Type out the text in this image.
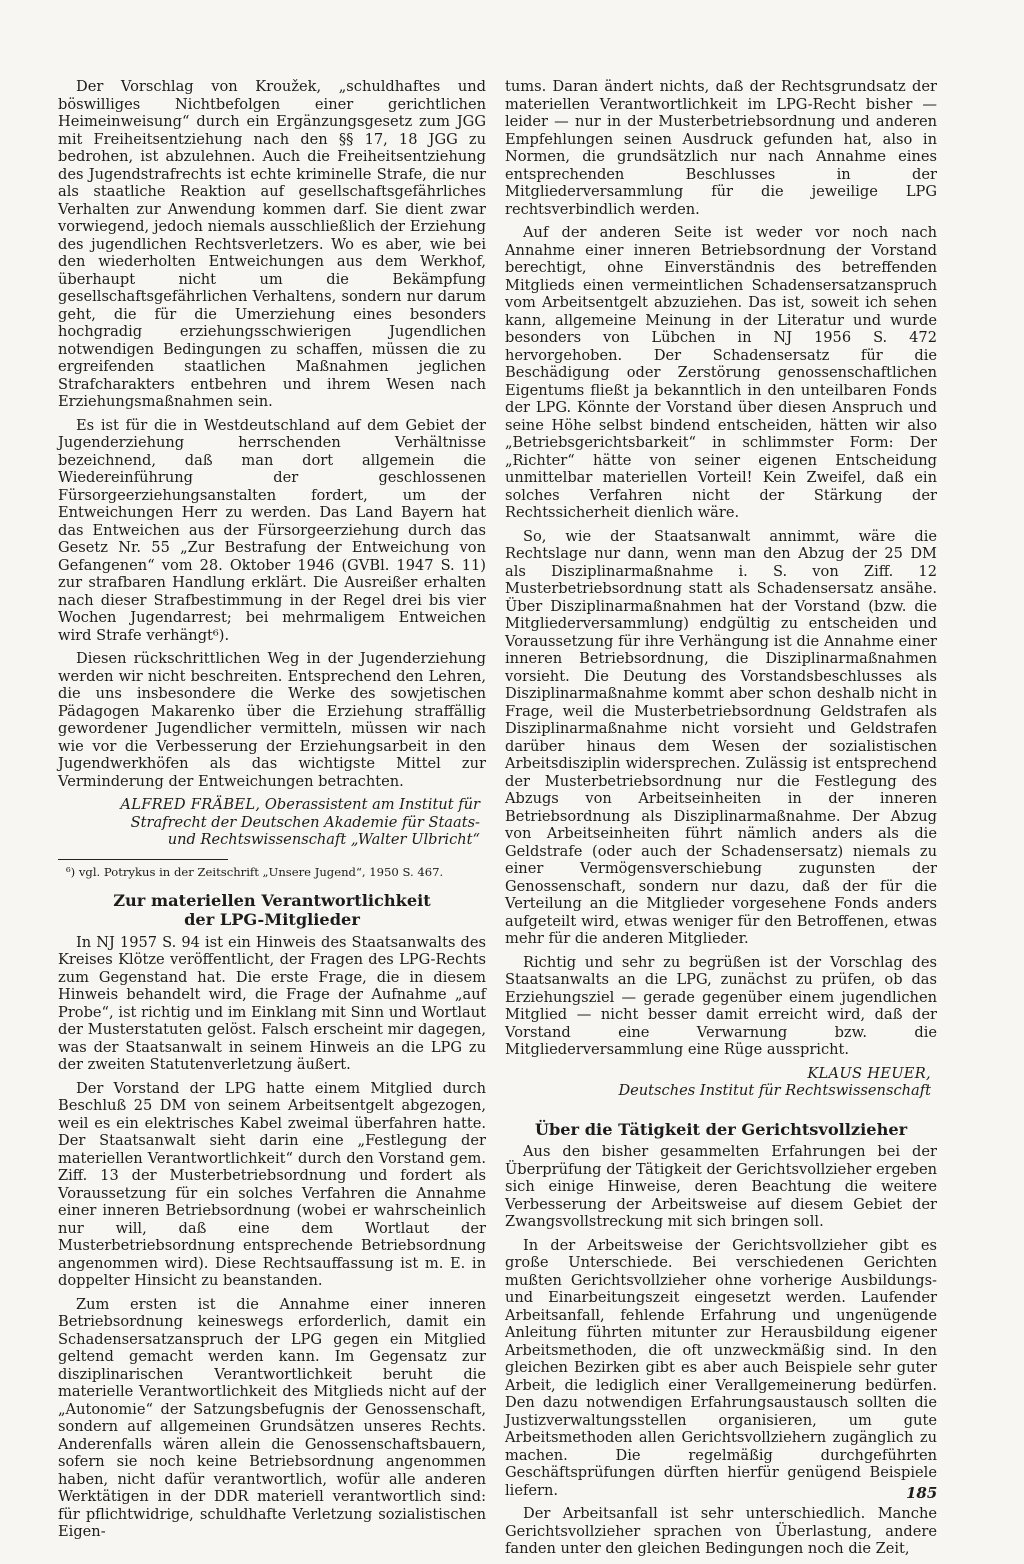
Der Vorschlag von Kroužek, „schuldhaftes und böswilliges Nichtbefolgen einer gerichtlichen Heimeinweisung“ durch ein Ergänzungsgesetz zum JGG mit Freiheitsentziehung nach den §§ 17, 18 JGG zu bedrohen, ist abzulehnen. Auch die Freiheitsentziehung des Jugendstrafrechts ist echte kriminelle Strafe, die nur als staatliche Reaktion auf gesellschaftsgefährliches Verhalten zur Anwendung kommen darf. Sie dient zwar vorwiegend, jedoch niemals ausschließlich der Erziehung des jugendlichen Rechtsverletzers. Wo es aber, wie bei den wiederholten Entweichungen aus dem Werkhof, überhaupt nicht um die Bekämpfung gesellschaftsgefährlichen Verhaltens, sondern nur darum geht, die für die Umerziehung eines besonders hochgradig erziehungsschwierigen Jugendlichen notwendigen Bedingungen zu schaffen, müssen die zu ergreifenden staatlichen Maßnahmen jeglichen Strafcharakters entbehren und ihrem Wesen nach Erziehungsmaßnahmen sein.

Es ist für die in Westdeutschland auf dem Gebiet der Jugenderziehung herrschenden Verhältnisse bezeichnend, daß man dort allgemein die Wiedereinführung der geschlossenen Fürsorgeerziehungsanstalten fordert, um der Entweichungen Herr zu werden. Das Land Bayern hat das Entweichen aus der Fürsorgeerziehung durch das Gesetz Nr. 55 „Zur Bestrafung der Entweichung von Gefangenen“ vom 28. Oktober 1946 (GVBl. 1947 S. 11) zur strafbaren Handlung erklärt. Die Ausreißer erhalten nach dieser Strafbestimmung in der Regel drei bis vier Wochen Jugendarrest; bei mehrmaligem Entweichen wird Strafe verhängt⁶).

Diesen rückschrittlichen Weg in der Jugenderziehung werden wir nicht beschreiten. Entsprechend den Lehren, die uns insbesondere die Werke des sowjetischen Pädagogen Makarenko über die Erziehung straffällig gewordener Jugendlicher vermitteln, müssen wir nach wie vor die Verbesserung der Erziehungsarbeit in den Jugendwerkhöfen als das wichtigste Mittel zur Verminderung der Entweichungen betrachten.

ALFRED FRÄBEL, Oberassistent am Institut für
Strafrecht der Deutschen Akademie für Staats-
und Rechtswissenschaft „Walter Ulbricht“

⁶) vgl. Potrykus in der Zeitschrift „Unsere Jugend“, 1950 S. 467.

Zur materiellen Verantwortlichkeit
der LPG-Mitglieder

In NJ 1957 S. 94 ist ein Hinweis des Staatsanwalts des Kreises Klötze veröffentlicht, der Fragen des LPG-Rechts zum Gegenstand hat. Die erste Frage, die in diesem Hinweis behandelt wird, die Frage der Aufnahme „auf Probe“, ist richtig und im Einklang mit Sinn und Wortlaut der Musterstatuten gelöst. Falsch erscheint mir dagegen, was der Staatsanwalt in seinem Hinweis an die LPG zu der zweiten Statutenverletzung äußert.

Der Vorstand der LPG hatte einem Mitglied durch Beschluß 25 DM von seinem Arbeitsentgelt abgezogen, weil es ein elektrisches Kabel zweimal überfahren hatte. Der Staatsanwalt sieht darin eine „Festlegung der materiellen Verantwortlichkeit“ durch den Vorstand gem. Ziff. 13 der Musterbetriebsordnung und fordert als Voraussetzung für ein solches Verfahren die Annahme einer inneren Betriebsordnung (wobei er wahrscheinlich nur will, daß eine dem Wortlaut der Musterbetriebsordnung entsprechende Betriebsordnung angenommen wird). Diese Rechtsauffassung ist m. E. in doppelter Hinsicht zu beanstanden.

Zum ersten ist die Annahme einer inneren Betriebsordnung keineswegs erforderlich, damit ein Schadensersatzanspruch der LPG gegen ein Mitglied geltend gemacht werden kann. Im Gegensatz zur disziplinarischen Verantwortlichkeit beruht die materielle Verantwortlichkeit des Mitglieds nicht auf der „Autonomie“ der Satzungsbefugnis der Genossenschaft, sondern auf allgemeinen Grundsätzen unseres Rechts. Anderenfalls wären allein die Genossenschaftsbauern, sofern sie noch keine Betriebsordnung angenommen haben, nicht dafür verantwortlich, wofür alle anderen Werktätigen in der DDR materiell verantwortlich sind: für pflichtwidrige, schuldhafte Verletzung sozialistischen Eigen-

tums. Daran ändert nichts, daß der Rechtsgrundsatz der materiellen Verantwortlichkeit im LPG-Recht bisher — leider — nur in der Musterbetriebsordnung und anderen Empfehlungen seinen Ausdruck gefunden hat, also in Normen, die grundsätzlich nur nach Annahme eines entsprechenden Beschlusses in der Mitgliederversammlung für die jeweilige LPG rechtsverbindlich werden.

Auf der anderen Seite ist weder vor noch nach Annahme einer inneren Betriebsordnung der Vorstand berechtigt, ohne Einverständnis des betreffenden Mitglieds einen vermeintlichen Schadensersatzanspruch vom Arbeitsentgelt abzuziehen. Das ist, soweit ich sehen kann, allgemeine Meinung in der Literatur und wurde besonders von Lübchen in NJ 1956 S. 472 hervorgehoben. Der Schadensersatz für die Beschädigung oder Zerstörung genossenschaftlichen Eigentums fließt ja bekanntlich in den unteilbaren Fonds der LPG. Könnte der Vorstand über diesen Anspruch und seine Höhe selbst bindend entscheiden, hätten wir also „Betriebsgerichtsbarkeit“ in schlimmster Form: Der „Richter“ hätte von seiner eigenen Entscheidung unmittelbar materiellen Vorteil! Kein Zweifel, daß ein solches Verfahren nicht der Stärkung der Rechtssicherheit dienlich wäre.

So, wie der Staatsanwalt annimmt, wäre die Rechtslage nur dann, wenn man den Abzug der 25 DM als Disziplinarmaßnahme i. S. von Ziff. 12 Musterbetriebsordnung statt als Schadensersatz ansähe. Über Disziplinarmaßnahmen hat der Vorstand (bzw. die Mitgliederversammlung) endgültig zu entscheiden und Voraussetzung für ihre Verhängung ist die Annahme einer inneren Betriebsordnung, die Disziplinarmaßnahmen vorsieht. Die Deutung des Vorstandsbeschlusses als Disziplinarmaßnahme kommt aber schon deshalb nicht in Frage, weil die Musterbetriebsordnung Geldstrafen als Disziplinarmaßnahme nicht vorsieht und Geldstrafen darüber hinaus dem Wesen der sozialistischen Arbeitsdisziplin widersprechen. Zulässig ist entsprechend der Musterbetriebsordnung nur die Festlegung des Abzugs von Arbeitseinheiten in der inneren Betriebsordnung als Disziplinarmaßnahme. Der Abzug von Arbeitseinheiten führt nämlich anders als die Geldstrafe (oder auch der Schadensersatz) niemals zu einer Vermögensverschiebung zugunsten der Genossenschaft, sondern nur dazu, daß der für die Verteilung an die Mitglieder vorgesehene Fonds anders aufgeteilt wird, etwas weniger für den Betroffenen, etwas mehr für die anderen Mitglieder.

Richtig und sehr zu begrüßen ist der Vorschlag des Staatsanwalts an die LPG, zunächst zu prüfen, ob das Erziehungsziel — gerade gegenüber einem jugendlichen Mitglied — nicht besser damit erreicht wird, daß der Vorstand eine Verwarnung bzw. die Mitgliederversammlung eine Rüge ausspricht.

KLAUS HEUER,
Deutsches Institut für Rechtswissenschaft
Über die Tätigkeit der Gerichtsvollzieher

Aus den bisher gesammelten Erfahrungen bei der Überprüfung der Tätigkeit der Gerichtsvollzieher ergeben sich einige Hinweise, deren Beachtung die weitere Verbesserung der Arbeitsweise auf diesem Gebiet der Zwangsvollstreckung mit sich bringen soll.

In der Arbeitsweise der Gerichtsvollzieher gibt es große Unterschiede. Bei verschiedenen Gerichten mußten Gerichtsvollzieher ohne vorherige Ausbildungs- und Einarbeitungszeit eingesetzt werden. Laufender Arbeitsanfall, fehlende Erfahrung und ungenügende Anleitung führten mitunter zur Herausbildung eigener Arbeitsmethoden, die oft unzweckmäßig sind. In den gleichen Bezirken gibt es aber auch Beispiele sehr guter Arbeit, die lediglich einer Verallgemeinerung bedürfen. Den dazu notwendigen Erfahrungsaustausch sollten die Justizverwaltungsstellen organisieren, um gute Arbeitsmethoden allen Gerichtsvollziehern zugänglich zu machen. Die regelmäßig durchgeführten Geschäftsprüfungen dürften hierfür genügend Beispiele liefern.

Der Arbeitsanfall ist sehr unterschiedlich. Manche Gerichtsvollzieher sprachen von Überlastung, andere fanden unter den gleichen Bedingungen noch die Zeit,

185
